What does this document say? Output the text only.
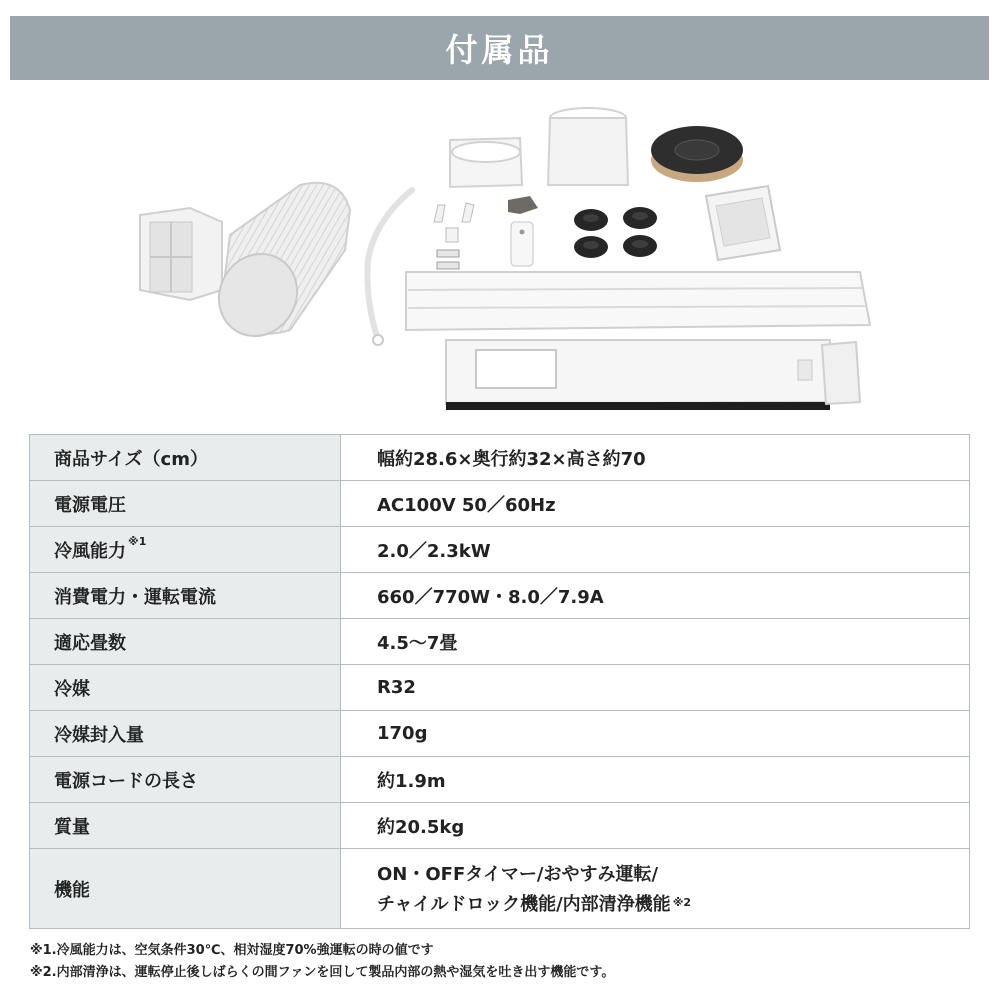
付属品
商品サイズ（cm）	幅約28.6×奥行約32×高さ約70
電源電圧	AC100V 50／60Hz
冷風能力 $^{※1}$	2.0／2.3kW
消費電力・運転電流	660／770W・8.0／7.9A
適応畳数	4.5〜7畳
冷媒	R32
冷媒封入量	170g
電源コードの長さ	約1.9m
質量	約20.5kg
機能	ON・OFFタイマー/おやすみ運転/
チャイルドロック機能/内部清浄機能 $^{※2}$
※1.冷風能力は、空気条件30℃、相対湿度70%強運転の時の値です
※2.内部清浄は、運転停止後しばらくの間ファンを回して製品内部の熱や湿気を吐き出す機能です。
